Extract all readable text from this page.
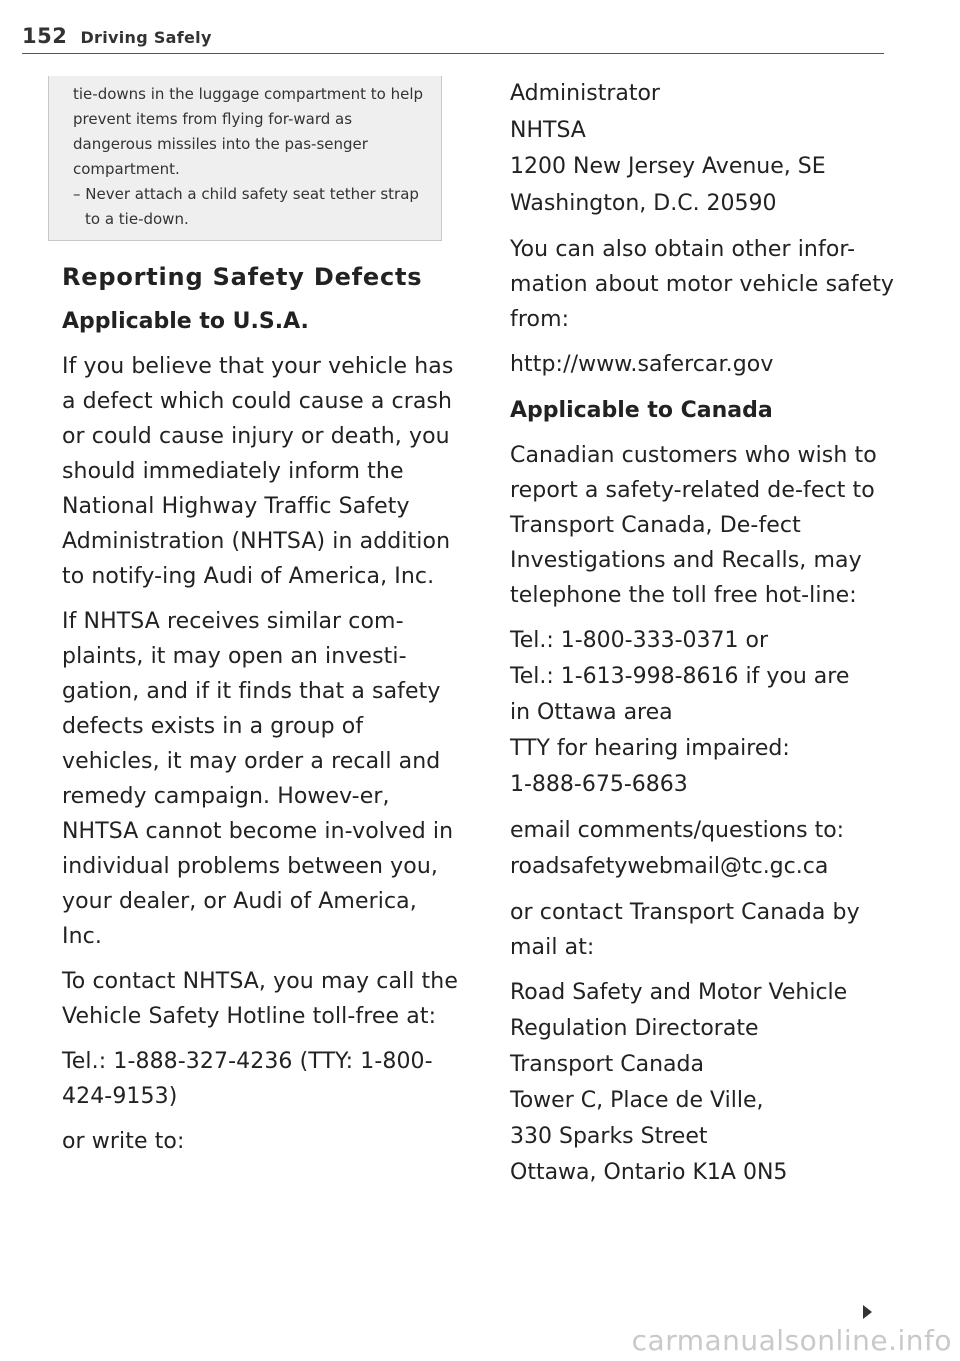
152 Driving Safely

tie-downs in the luggage compartment to help prevent items from flying for-ward as dangerous missiles into the pas-senger compartment.

– Never attach a child safety seat tether strap to a tie-down.

Reporting Safety Defects
Applicable to U.S.A.

If you believe that your vehicle has a defect which could cause a crash or could cause injury or death, you should immediately inform the National Highway Traffic Safety Administration (NHTSA) in addition to notify-ing Audi of America, Inc.

If NHTSA receives similar com-plaints, it may open an investi-gation, and if it finds that a safety defects exists in a group of vehicles, it may order a recall and remedy campaign. Howev-er, NHTSA cannot become in-volved in individual problems between you, your dealer, or Audi of America, Inc.

To contact NHTSA, you may call the Vehicle Safety Hotline toll-free at:

Tel.: 1-888-327-4236 (TTY: 1-800-424-9153)

or write to:

Administrator
NHTSA
1200 New Jersey Avenue, SE
Washington, D.C. 20590

You can also obtain other infor-mation about motor vehicle safety from:

http://www.safercar.gov

Applicable to Canada

Canadian customers who wish to report a safety-related de-fect to Transport Canada, De-fect Investigations and Recalls, may telephone the toll free hot-line:

Tel.: 1-800-333-0371 or
Tel.: 1-613-998-8616 if you are
in Ottawa area
TTY for hearing impaired:
1-888-675-6863
email comments/questions to:
roadsafetywebmail@tc.gc.ca

or contact Transport Canada by mail at:

Road Safety and Motor Vehicle
Regulation Directorate
Transport Canada
Tower C, Place de Ville,
330 Sparks Street
Ottawa, Ontario K1A 0N5
carmanualsonline.info
